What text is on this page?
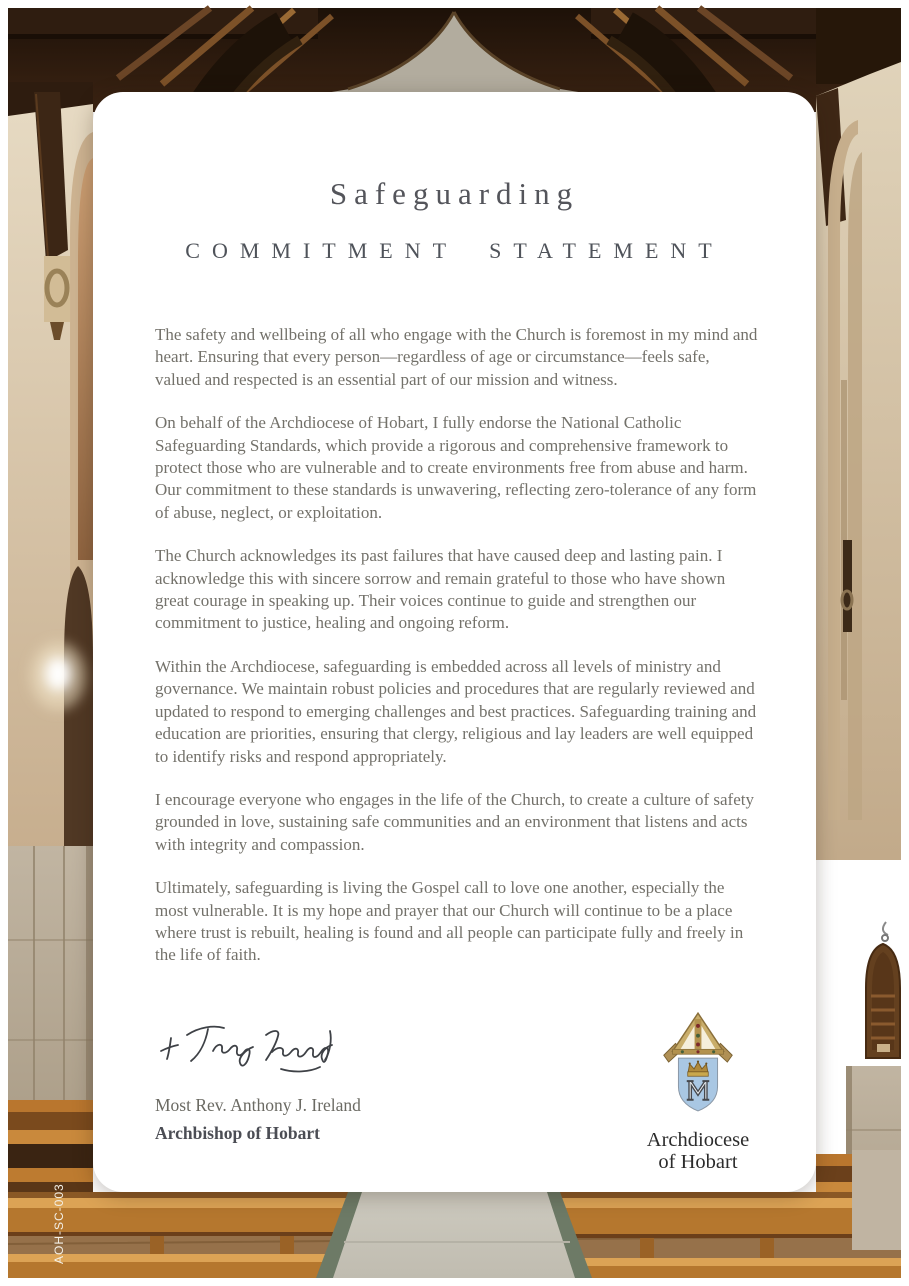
AOH-SC-003
Safeguarding
COMMITMENT STATEMENT

The safety and wellbeing of all who engage with the Church is foremost in my mind and heart. Ensuring that every person—regardless of age or circumstance—feels safe, valued and respected is an essential part of our mission and witness.

On behalf of the Archdiocese of Hobart, I fully endorse the National Catholic Safeguarding Standards, which provide a rigorous and comprehensive framework to protect those who are vulnerable and to create environments free from abuse and harm. Our commitment to these standards is unwavering, reflecting zero-tolerance of any form of abuse, neglect, or exploitation.

The Church acknowledges its past failures that have caused deep and lasting pain. I acknowledge this with sincere sorrow and remain grateful to those who have shown great courage in speaking up. Their voices continue to guide and strengthen our commitment to justice, healing and ongoing reform.

Within the Archdiocese, safeguarding is embedded across all levels of ministry and governance. We maintain robust policies and procedures that are regularly reviewed and updated to respond to emerging challenges and best practices. Safeguarding training and education are priorities, ensuring that clergy, religious and lay leaders are well equipped to identify risks and respond appropriately.

I encourage everyone who engages in the life of the Church, to create a culture of safety grounded in love, sustaining safe communities and an environment that listens and acts with integrity and compassion.

Ultimately, safeguarding is living the Gospel call to love one another, especially the most vulnerable. It is my hope and prayer that our Church will continue to be a place where trust is rebuilt, healing is found and all people can participate fully and freely in the life of faith.

Most Rev. Anthony J. Ireland
Archbishop of Hobart	Archdiocese
of Hobart
